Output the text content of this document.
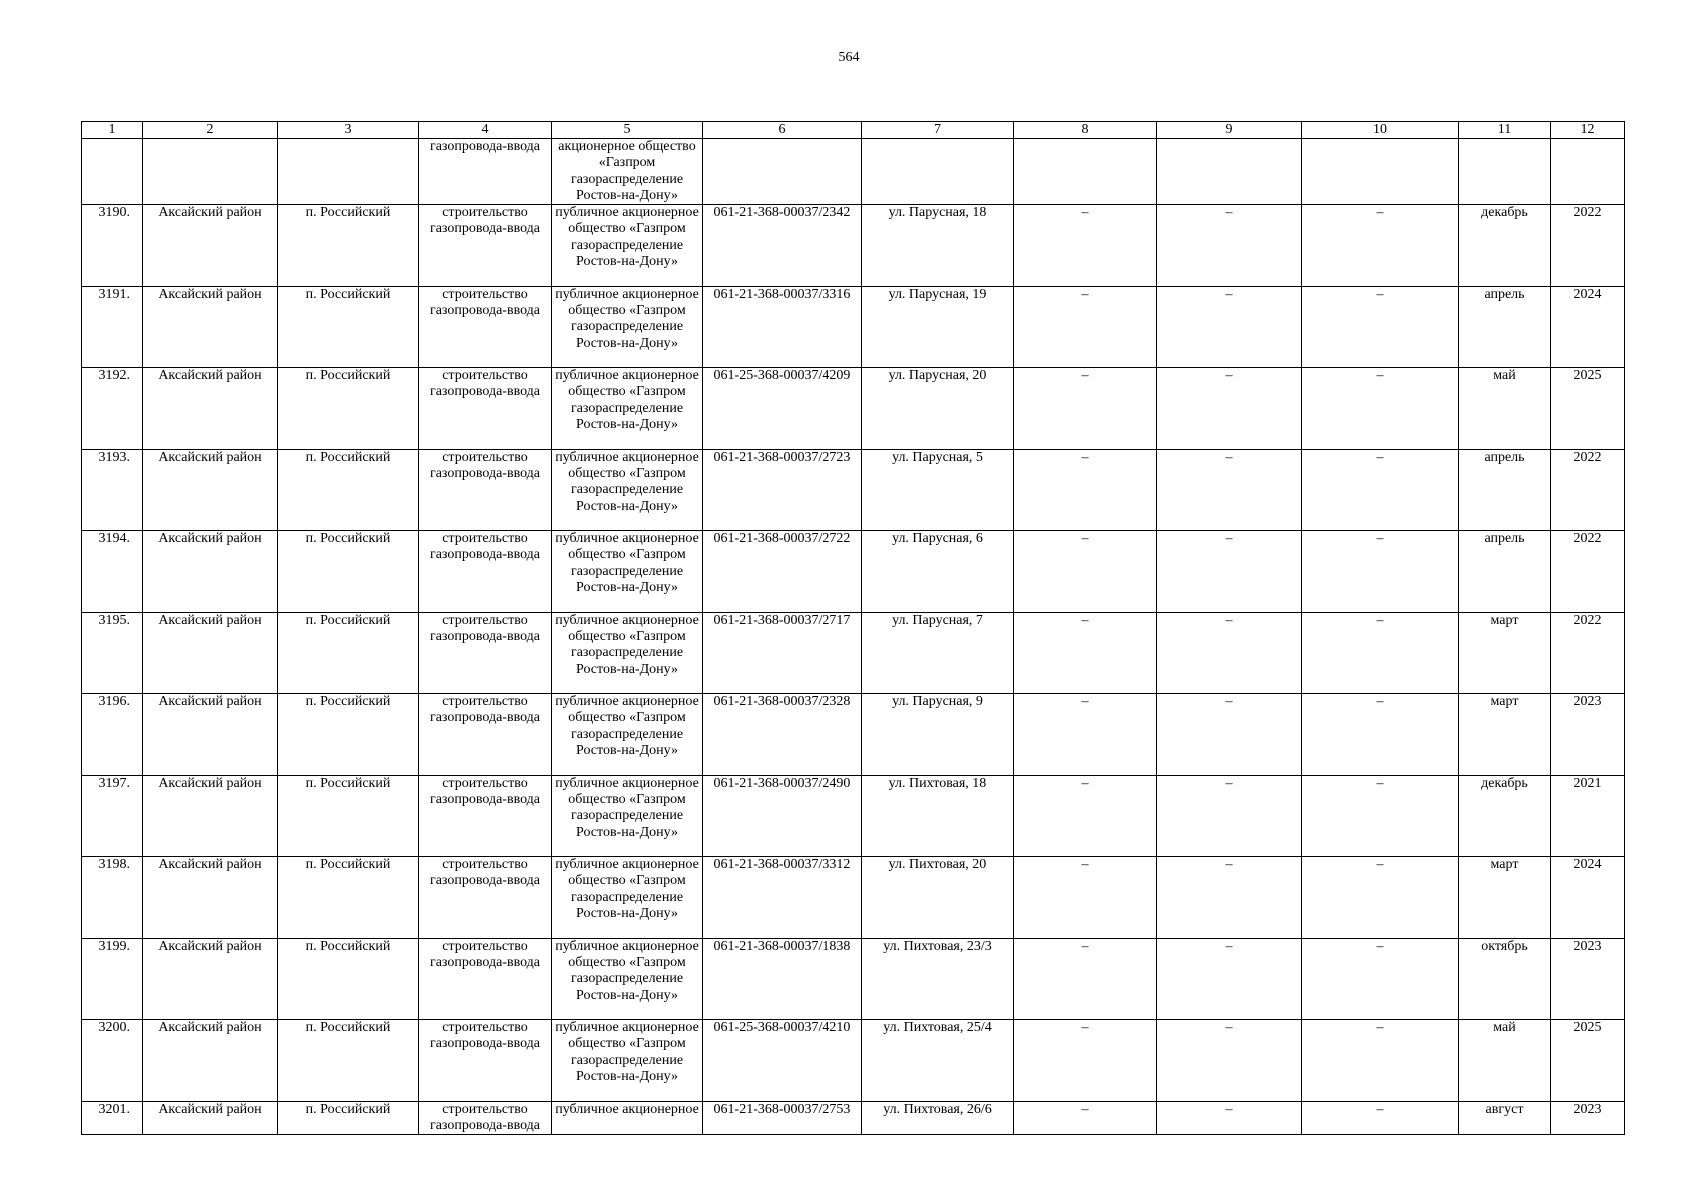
564
1	2	3	4	5	6	7	8	9	10	11	12
			газопровода-ввода	акционерное общество «Газпром газораспределение Ростов-на-Дону»							
3190.	Аксайский район	п. Российский	строительство газопровода-ввода	публичное акционерное общество «Газпром газораспределение Ростов-на-Дону»	061-21-368-00037/2342	ул. Парусная, 18	–	–	–	декабрь	2022
3191.	Аксайский район	п. Российский	строительство газопровода-ввода	публичное акционерное общество «Газпром газораспределение Ростов-на-Дону»	061-21-368-00037/3316	ул. Парусная, 19	–	–	–	апрель	2024
3192.	Аксайский район	п. Российский	строительство газопровода-ввода	публичное акционерное общество «Газпром газораспределение Ростов-на-Дону»	061-25-368-00037/4209	ул. Парусная, 20	–	–	–	май	2025
3193.	Аксайский район	п. Российский	строительство газопровода-ввода	публичное акционерное общество «Газпром газораспределение Ростов-на-Дону»	061-21-368-00037/2723	ул. Парусная, 5	–	–	–	апрель	2022
3194.	Аксайский район	п. Российский	строительство газопровода-ввода	публичное акционерное общество «Газпром газораспределение Ростов-на-Дону»	061-21-368-00037/2722	ул. Парусная, 6	–	–	–	апрель	2022
3195.	Аксайский район	п. Российский	строительство газопровода-ввода	публичное акционерное общество «Газпром газораспределение Ростов-на-Дону»	061-21-368-00037/2717	ул. Парусная, 7	–	–	–	март	2022
3196.	Аксайский район	п. Российский	строительство газопровода-ввода	публичное акционерное общество «Газпром газораспределение Ростов-на-Дону»	061-21-368-00037/2328	ул. Парусная, 9	–	–	–	март	2023
3197.	Аксайский район	п. Российский	строительство газопровода-ввода	публичное акционерное общество «Газпром газораспределение Ростов-на-Дону»	061-21-368-00037/2490	ул. Пихтовая, 18	–	–	–	декабрь	2021
3198.	Аксайский район	п. Российский	строительство газопровода-ввода	публичное акционерное общество «Газпром газораспределение Ростов-на-Дону»	061-21-368-00037/3312	ул. Пихтовая, 20	–	–	–	март	2024
3199.	Аксайский район	п. Российский	строительство газопровода-ввода	публичное акционерное общество «Газпром газораспределение Ростов-на-Дону»	061-21-368-00037/1838	ул. Пихтовая, 23/3	–	–	–	октябрь	2023
3200.	Аксайский район	п. Российский	строительство газопровода-ввода	публичное акционерное общество «Газпром газораспределение Ростов-на-Дону»	061-25-368-00037/4210	ул. Пихтовая, 25/4	–	–	–	май	2025
3201.	Аксайский район	п. Российский	строительство газопровода-ввода	публичное акционерное	061-21-368-00037/2753	ул. Пихтовая, 26/6	–	–	–	август	2023
